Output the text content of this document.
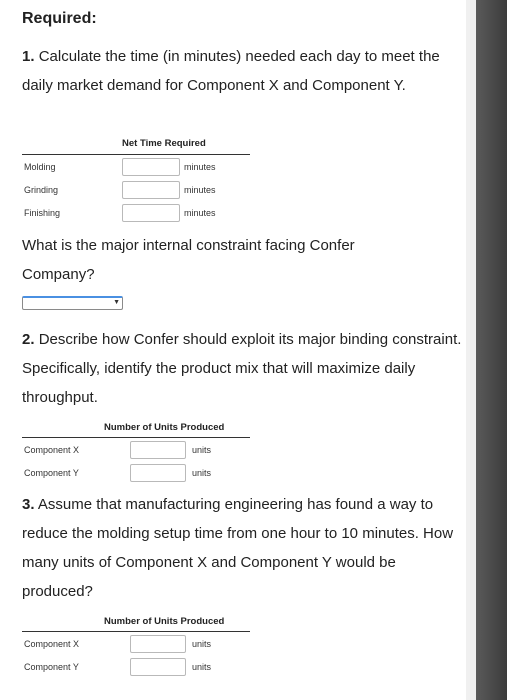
Required:
1. Calculate the time (in minutes) needed each day to meet the daily market demand for Component X and Component Y.
Net Time Required
Molding	minutes
Grinding	minutes
Finishing	minutes
What is the major internal constraint facing Confer Company?
▼
2. Describe how Confer should exploit its major binding constraint. Specifically, identify the product mix that will maximize daily throughput.
Number of Units Produced
Component X	units
Component Y	units
3. Assume that manufacturing engineering has found a way to reduce the molding setup time from one hour to 10 minutes. How many units of Component X and Component Y would be produced?
Number of Units Produced
Component X	units
Component Y	units
